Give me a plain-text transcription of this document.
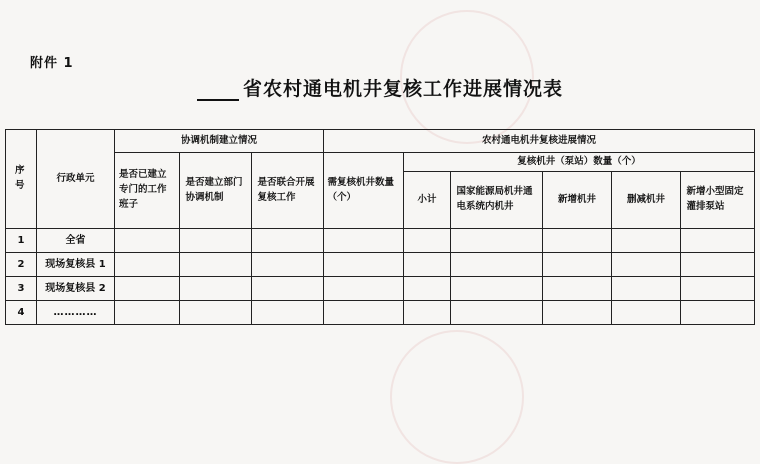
附件 1
省农村通电机井复核工作进展情况表
序号	行政单元	协调机制建立情况			农村通电机井复核进展情况					
		是否已建立专门的工作班子	是否建立部门协调机制	是否联合开展复核工作	需复核机井数量（个）	复核机井（泵站）数量（个）				
						小计	国家能源局机井通电系统内机井	新增机井	删减机井	新增小型固定灌排泵站
1	全省									
2	现场复核县 1									
3	现场复核县 2									
4	…………									
